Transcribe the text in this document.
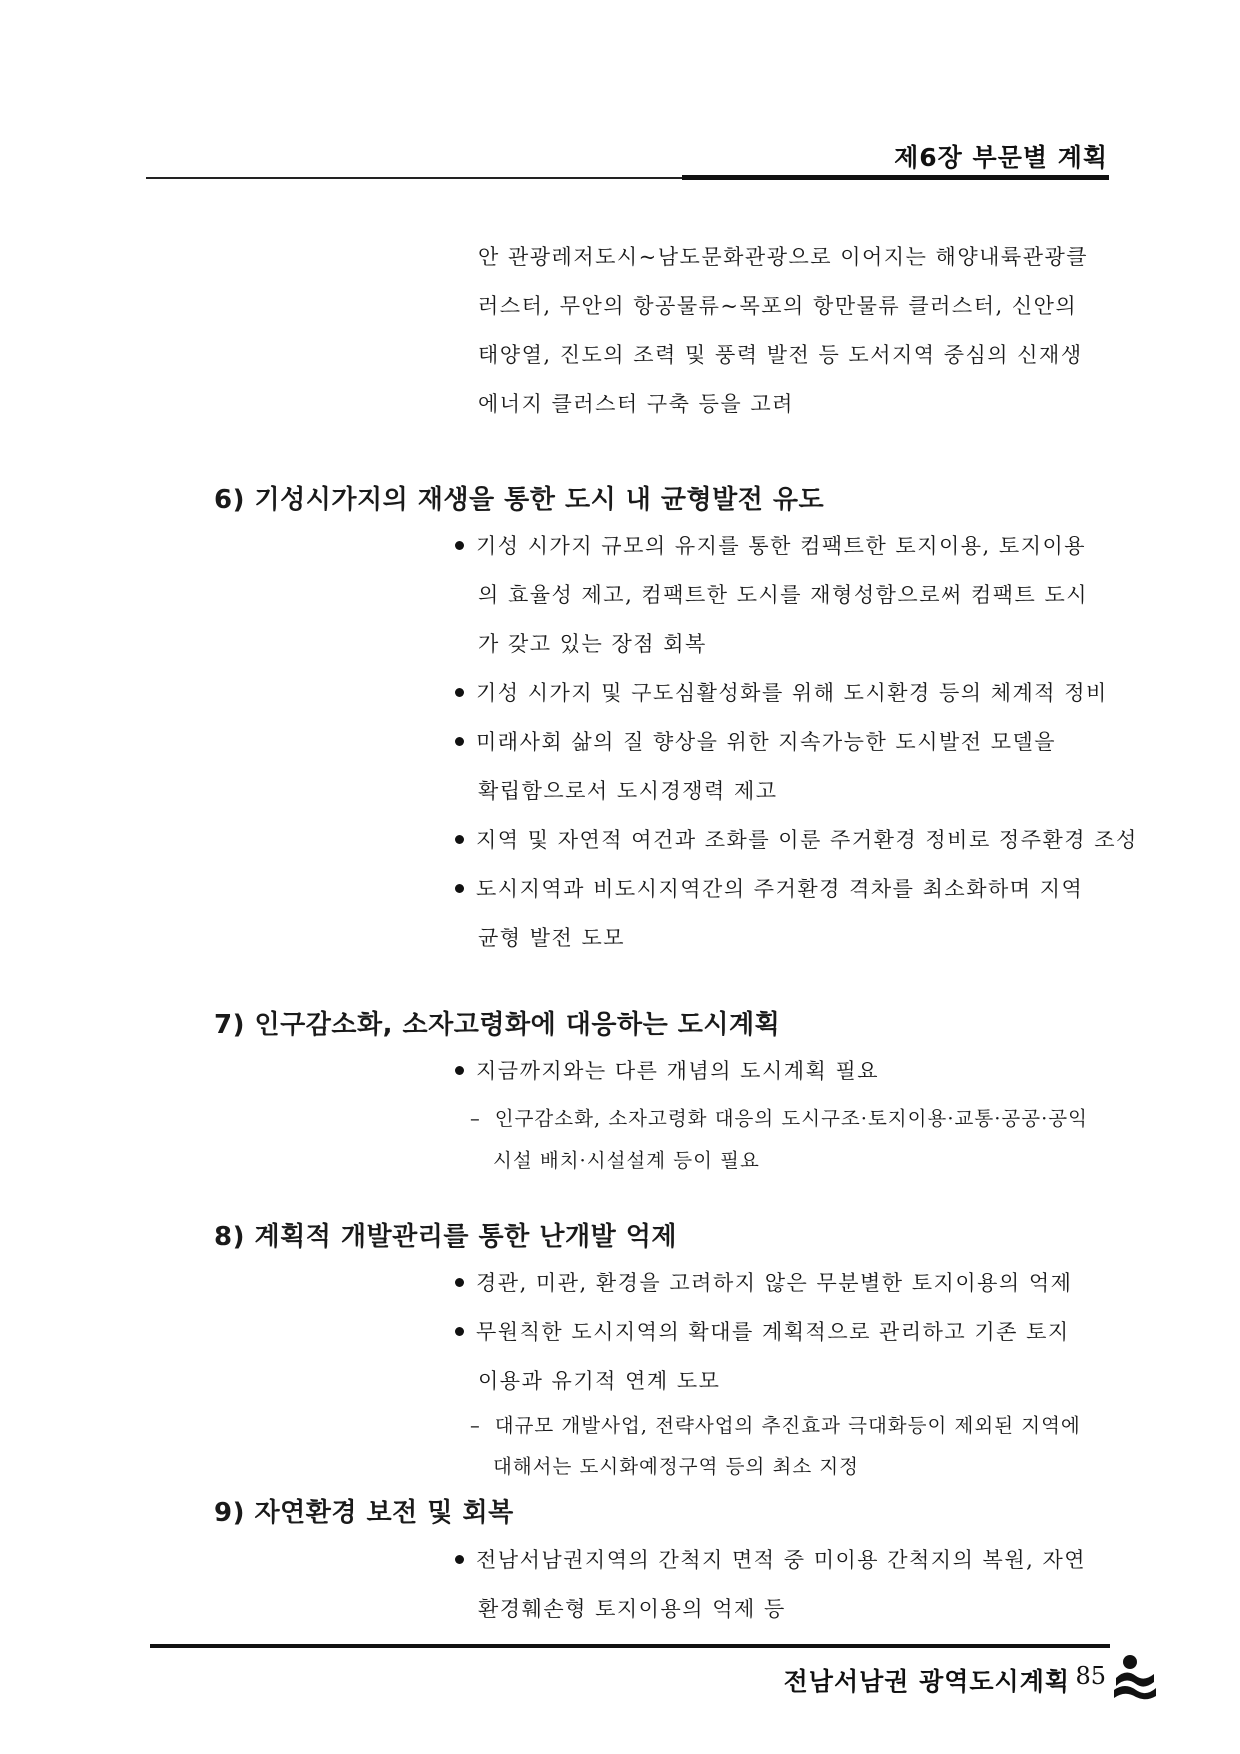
제6장 부문별 계획
안 관광레저도시~남도문화관광으로 이어지는 해양내륙관광클
러스터, 무안의 항공물류~목포의 항만물류 클러스터, 신안의
태양열, 진도의 조력 및 풍력 발전 등 도서지역 중심의 신재생
에너지 클러스터 구축 등을 고려
6) 기성시가지의 재생을 통한 도시 내 균형발전 유도
기성 시가지 규모의 유지를 통한 컴팩트한 토지이용, 토지이용
의 효율성 제고, 컴팩트한 도시를 재형성함으로써 컴팩트 도시
가 갖고 있는 장점 회복
기성 시가지 및 구도심활성화를 위해 도시환경 등의 체계적 정비
미래사회 삶의 질 향상을 위한 지속가능한 도시발전 모델을
확립함으로서 도시경쟁력 제고
지역 및 자연적 여건과 조화를 이룬 주거환경 정비로 정주환경 조성
도시지역과 비도시지역간의 주거환경 격차를 최소화하며 지역
균형 발전 도모
7) 인구감소화, 소자고령화에 대응하는 도시계획
지금까지와는 다른 개념의 도시계획 필요
– 인구감소화, 소자고령화 대응의 도시구조·토지이용·교통·공공·공익
시설 배치·시설설계 등이 필요
8) 계획적 개발관리를 통한 난개발 억제
경관, 미관, 환경을 고려하지 않은 무분별한 토지이용의 억제
무원칙한 도시지역의 확대를 계획적으로 관리하고 기존 토지
이용과 유기적 연계 도모
– 대규모 개발사업, 전략사업의 추진효과 극대화등이 제외된 지역에
대해서는 도시화예정구역 등의 최소 지정
9) 자연환경 보전 및 회복
전남서남권지역의 간척지 면적 중 미이용 간척지의 복원, 자연
환경훼손형 토지이용의 억제 등
전남서남권 광역도시계획 85
